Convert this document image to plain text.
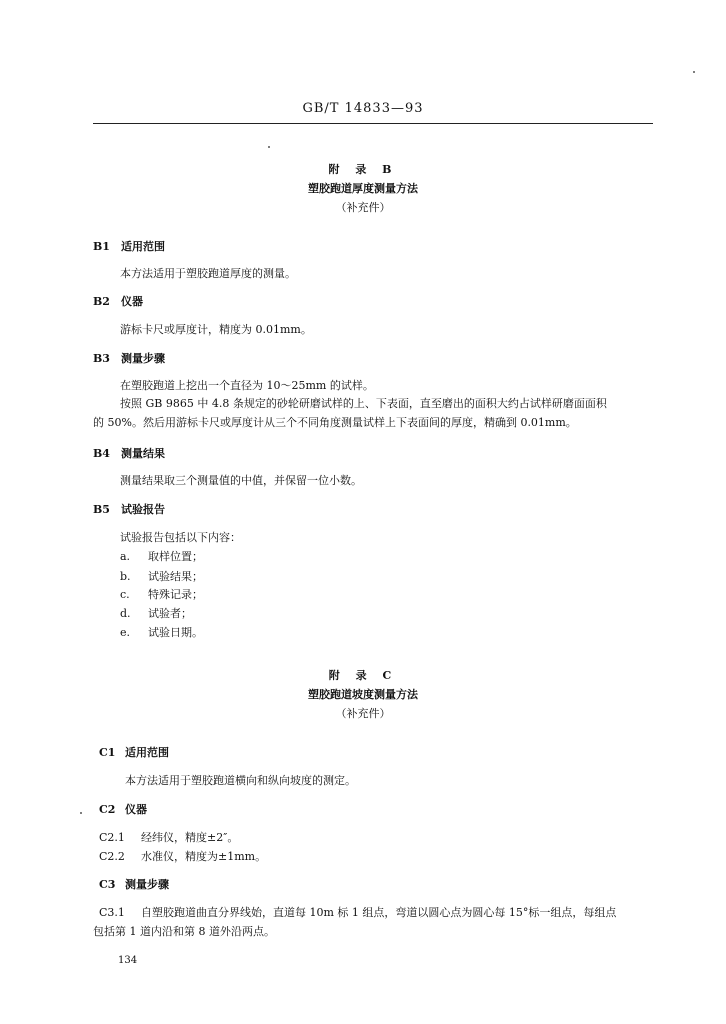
GB/T 14833—93
附 录 B
塑胶跑道厚度测量方法
（补充件）
B1 适用范围
本方法适用于塑胶跑道厚度的测量。
B2 仪器
游标卡尺或厚度计，精度为 0.01mm。
B3 测量步骤
在塑胶跑道上挖出一个直径为 10～25mm 的试样。
按照 GB 9865 中 4.8 条规定的砂轮研磨试样的上、下表面，直至磨出的面积大约占试样研磨面面积
的 50%。然后用游标卡尺或厚度计从三个不同角度测量试样上下表面间的厚度，精确到 0.01mm。
B4 测量结果
测量结果取三个测量值的中值，并保留一位小数。
B5 试验报告
试验报告包括以下内容：
a. 取样位置；
b. 试验结果；
c. 特殊记录；
d. 试验者；
e. 试验日期。
附 录 C
塑胶跑道坡度测量方法
（补充件）
C1 适用范围
本方法适用于塑胶跑道横向和纵向坡度的测定。
C2 仪器
C2.1 经纬仪，精度±2″。
C2.2 水准仪，精度为±1mm。
C3 测量步骤
C3.1 自塑胶跑道曲直分界线始，直道每 10m 标 1 组点，弯道以圆心点为圆心每 15°标一组点，每组点
包括第 1 道内沿和第 8 道外沿两点。
134
